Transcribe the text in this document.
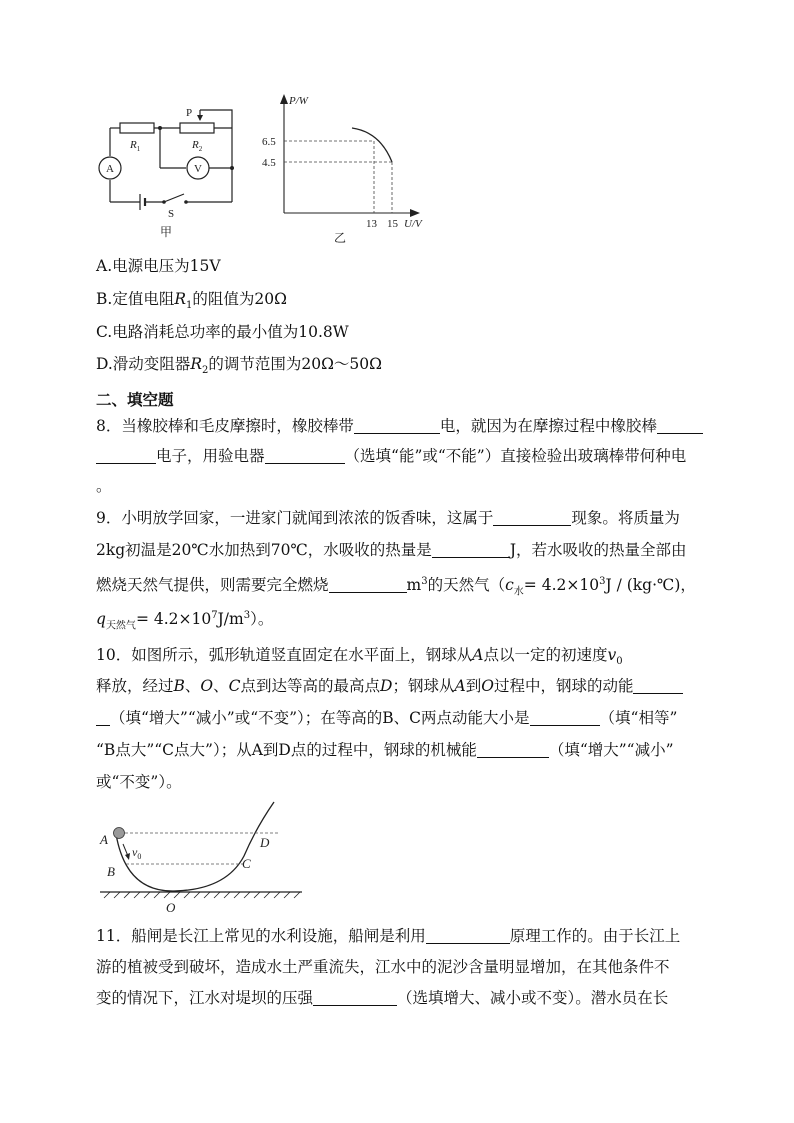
$R_1$	$R_2$
P
A	V
S
甲
P/W
6.5
4.5
13 15 U/V
乙
A.电源电压为15V
B.定值电阻$R_1$的阻值为20Ω
C.电路消耗总功率的最小值为10.8W
D.滑动变阻器$R_2$的调节范围为20Ω～50Ω
二、填空题
8．当橡胶棒和毛皮摩擦时，橡胶棒带	电，就因为在摩擦过程中橡胶棒
电子，用验电器	（选填“能”或“不能”）直接检验出玻璃棒带何种电
。
9．小明放学回家，一进家门就闻到浓浓的饭香味，这属于	现象。将质量为
2kg初温是20℃水加热到70℃，水吸收的热量是	J，若水吸收的热量全部由
燃烧天然气提供，则需要完全燃烧	$m^3$的天然气（$c_水= 4.2\times 10^3J$ / (kg·℃)，
$q_{天然气}= 4.2\times 10^7J/m^3$）。
10．如图所示，弧形轨道竖直固定在水平面上，钢球从A点以一定的初速度$v_0$
释放，经过B、O、C点到达等高的最高点D；钢球从A到O过程中，钢球的动能
（填“增大”“减小”或“不变”）；在等高的B、C两点动能大小是	（填“相等”
“B点大”“C点大”）；从A到D点的过程中，钢球的机械能	（填“增大”“减小”
或“不变”）。
A
B
C
D
O
$v_0$
11．船闸是长江上常见的水利设施，船闸是利用	原理工作的。由于长江上
游的植被受到破坏，造成水土严重流失，江水中的泥沙含量明显增加，在其他条件不
变的情况下，江水对堤坝的压强	（选填增大、减小或不变）。潜水员在长
